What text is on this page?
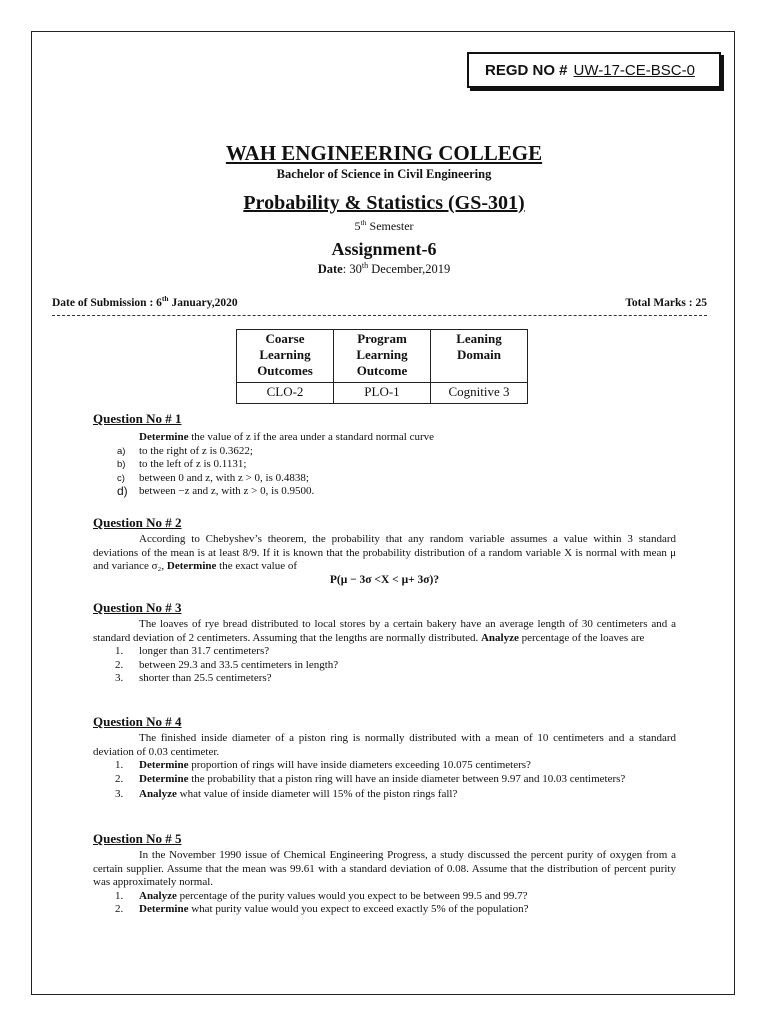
REGD NO # UW-17-CE-BSC-0
WAH ENGINEERING COLLEGE
Bachelor of Science in Civil Engineering
Probability & Statistics (GS-301)
5th Semester
Assignment-6
Date: 30th December,2019
Date of Submission : 6th January,2020	Total Marks : 25
Coarse Learning Outcomes	Program Learning Outcome	Leaning Domain
CLO-2	PLO-1	Cognitive 3
Question No # 1
Determine the value of z if the area under a standard normal curve
a) to the right of z is 0.3622;
b) to the left of z is 0.1131;
c) between 0 and z, with z > 0, is 0.4838;
d) between −z and z, with z > 0, is 0.9500.
Question No # 2
According to Chebyshev’s theorem, the probability that any random variable assumes a value within 3 standard deviations of the mean is at least 8/9. If it is known that the probability distribution of a random variable X is normal with mean μ and variance σ₂, Determine the exact value of
P(μ − 3σ <X < μ+ 3σ)?
Question No # 3
The loaves of rye bread distributed to local stores by a certain bakery have an average length of 30 centimeters and a standard deviation of 2 centimeters. Assuming that the lengths are normally distributed. Analyze percentage of the loaves are
1. longer than 31.7 centimeters?
2. between 29.3 and 33.5 centimeters in length?
3. shorter than 25.5 centimeters?
Question No # 4
The finished inside diameter of a piston ring is normally distributed with a mean of 10 centimeters and a standard deviation of 0.03 centimeter.
1. Determine proportion of rings will have inside diameters exceeding 10.075 centimeters?
2. Determine the probability that a piston ring will have an inside diameter between 9.97 and 10.03 centimeters?
3. Analyze what value of inside diameter will 15% of the piston rings fall?
Question No # 5
In the November 1990 issue of Chemical Engineering Progress, a study discussed the percent purity of oxygen from a certain supplier. Assume that the mean was 99.61 with a standard deviation of 0.08. Assume that the distribution of percent purity was approximately normal.
1. Analyze percentage of the purity values would you expect to be between 99.5 and 99.7?
2. Determine what purity value would you expect to exceed exactly 5% of the population?
